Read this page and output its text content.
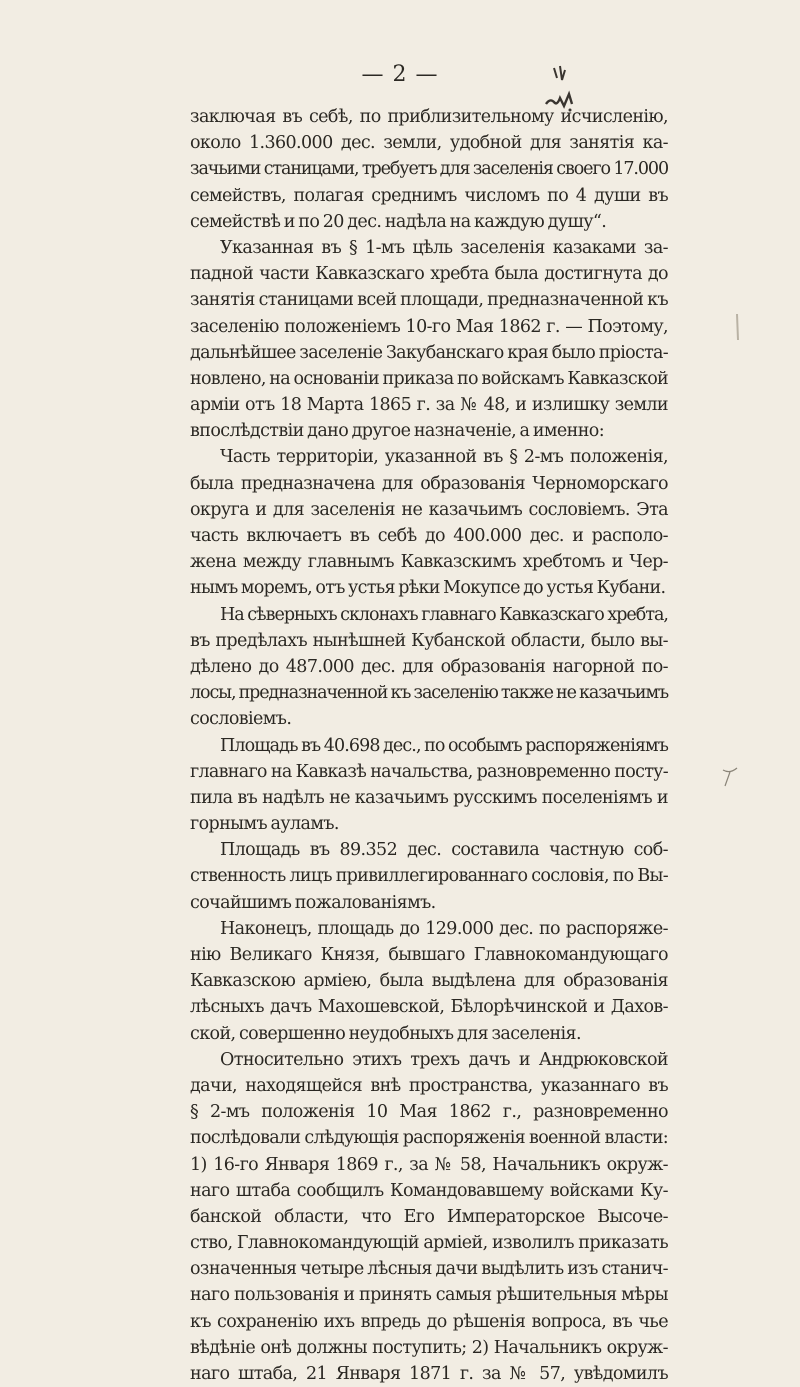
— 2 —
заключая въ себѣ, по приблизительному исчисленію,
около 1.360.000 дес. земли, удобной для занятія ка-
зачьими станицами, требуетъ для заселенія своего 17.000
семействъ, полагая среднимъ числомъ по 4 души въ
семействѣ и по 20 дес. надѣла на каждую душу“.
Указанная въ § 1-мъ цѣль заселенія казаками за-
падной части Кавказскаго хребта была достигнута до
занятія станицами всей площади, предназначенной къ
заселенію положеніемъ 10-го Мая 1862 г. — Поэтому,
дальнѣйшее заселеніе Закубанскаго края было пріоста-
новлено, на основаніи приказа по войскамъ Кавказской
арміи отъ 18 Марта 1865 г. за № 48, и излишку земли
впослѣдствіи дано другое назначеніе, а именно:
Часть территоріи, указанной въ § 2-мъ положенія,
была предназначена для образованія Черноморскаго
округа и для заселенія не казачьимъ сословіемъ. Эта
часть включаетъ въ себѣ до 400.000 дес. и располо-
жена между главнымъ Кавказскимъ хребтомъ и Чер-
нымъ моремъ, отъ устья рѣки Мокупсе до устья Кубани.
На сѣверныхъ склонахъ главнаго Кавказскаго хребта,
въ предѣлахъ нынѣшней Кубанской области, было вы-
дѣлено до 487.000 дес. для образованія нагорной по-
лосы, предназначенной къ заселенію также не казачьимъ
сословіемъ.
Площадь въ 40.698 дес., по особымъ распоряженіямъ
главнаго на Кавказѣ начальства, разновременно посту-
пила въ надѣлъ не казачьимъ русскимъ поселеніямъ и
горнымъ ауламъ.
Площадь въ 89.352 дес. составила частную соб-
ственность лицъ привиллегированнаго сословія, по Вы-
сочайшимъ пожалованіямъ.
Наконецъ, площадь до 129.000 дес. по распоряже-
нію Великаго Князя, бывшаго Главнокомандующаго
Кавказскою арміею, была выдѣлена для образованія
лѣсныхъ дачъ Махошевской, Бѣлорѣчинской и Дахов-
ской, совершенно неудобныхъ для заселенія.
Относительно этихъ трехъ дачъ и Андрюковской
дачи, находящейся внѣ пространства, указаннаго въ
§ 2-мъ положенія 10 Мая 1862 г., разновременно
послѣдовали слѣдующія распоряженія военной власти:
1) 16-го Января 1869 г., за № 58, Начальникъ окруж-
наго штаба сообщилъ Командовавшему войсками Ку-
банской области, что Его Императорское Высоче-
ство, Главнокомандующій арміей, изволилъ приказать
означенныя четыре лѣсныя дачи выдѣлить изъ станич-
наго пользованія и принять самыя рѣшительныя мѣры
къ сохраненію ихъ впредь до рѣшенія вопроса, въ чье
вѣдѣніе онѣ должны поступить; 2) Начальникъ окруж-
наго штаба, 21 Января 1871 г. за № 57, увѣдомилъ
